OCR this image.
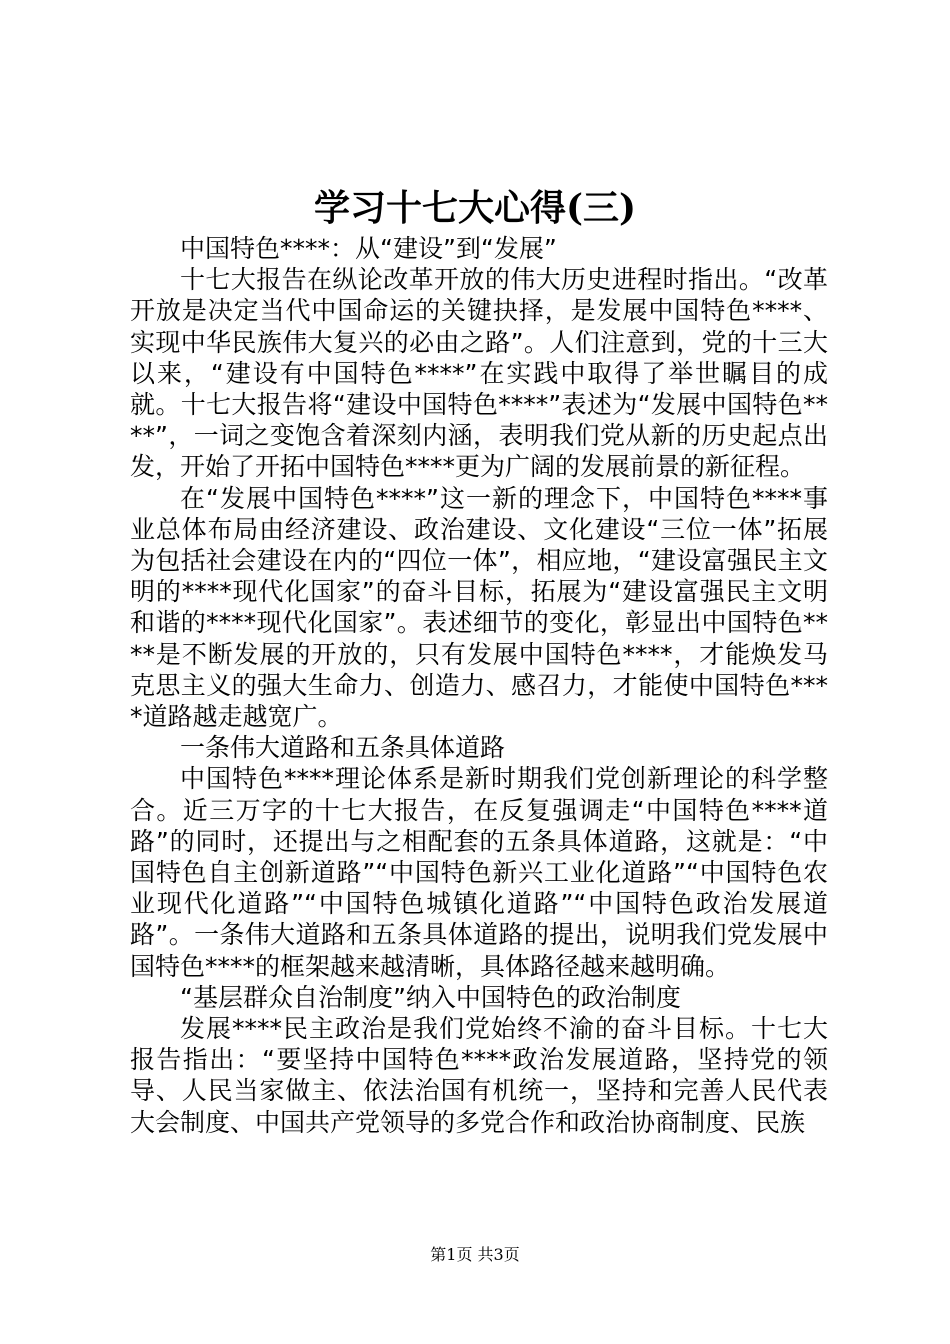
学习十七大心得(三)

中国特色****：从“建设”到“发展”

十七大报告在纵论改革开放的伟大历史进程时指出。“改革开放是决定当代中国命运的关键抉择，是发展中国特色****、实现中华民族伟大复兴的必由之路”。人们注意到，党的十三大以来，“建设有中国特色****”在实践中取得了举世瞩目的成就。十七大报告将“建设中国特色****”表述为“发展中国特色****”，一词之变饱含着深刻内涵，表明我们党从新的历史起点出发，开始了开拓中国特色****更为广阔的发展前景的新征程。

在“发展中国特色****”这一新的理念下，中国特色****事业总体布局由经济建设、政治建设、文化建设“三位一体”拓展为包括社会建设在内的“四位一体”，相应地，“建设富强民主文明的****现代化国家”的奋斗目标，拓展为“建设富强民主文明和谐的****现代化国家”。表述细节的变化，彰显出中国特色****是不断发展的开放的，只有发展中国特色****，才能焕发马克思主义的强大生命力、创造力、感召力，才能使中国特色****道路越走越宽广。

一条伟大道路和五条具体道路

中国特色****理论体系是新时期我们党创新理论的科学整合。近三万字的十七大报告，在反复强调走“中国特色****道路”的同时，还提出与之相配套的五条具体道路，这就是：“中国特色自主创新道路”“中国特色新兴工业化道路”“中国特色农业现代化道路”“中国特色城镇化道路”“中国特色政治发展道路”。一条伟大道路和五条具体道路的提出，说明我们党发展中国特色****的框架越来越清晰，具体路径越来越明确。

“基层群众自治制度”纳入中国特色的政治制度

发展****民主政治是我们党始终不渝的奋斗目标。十七大报告指出：“要坚持中国特色****政治发展道路，坚持党的领导、人民当家做主、依法治国有机统一，坚持和完善人民代表大会制度、中国共产党领导的多党合作和政治协商制度、民族

第1页 共3页
